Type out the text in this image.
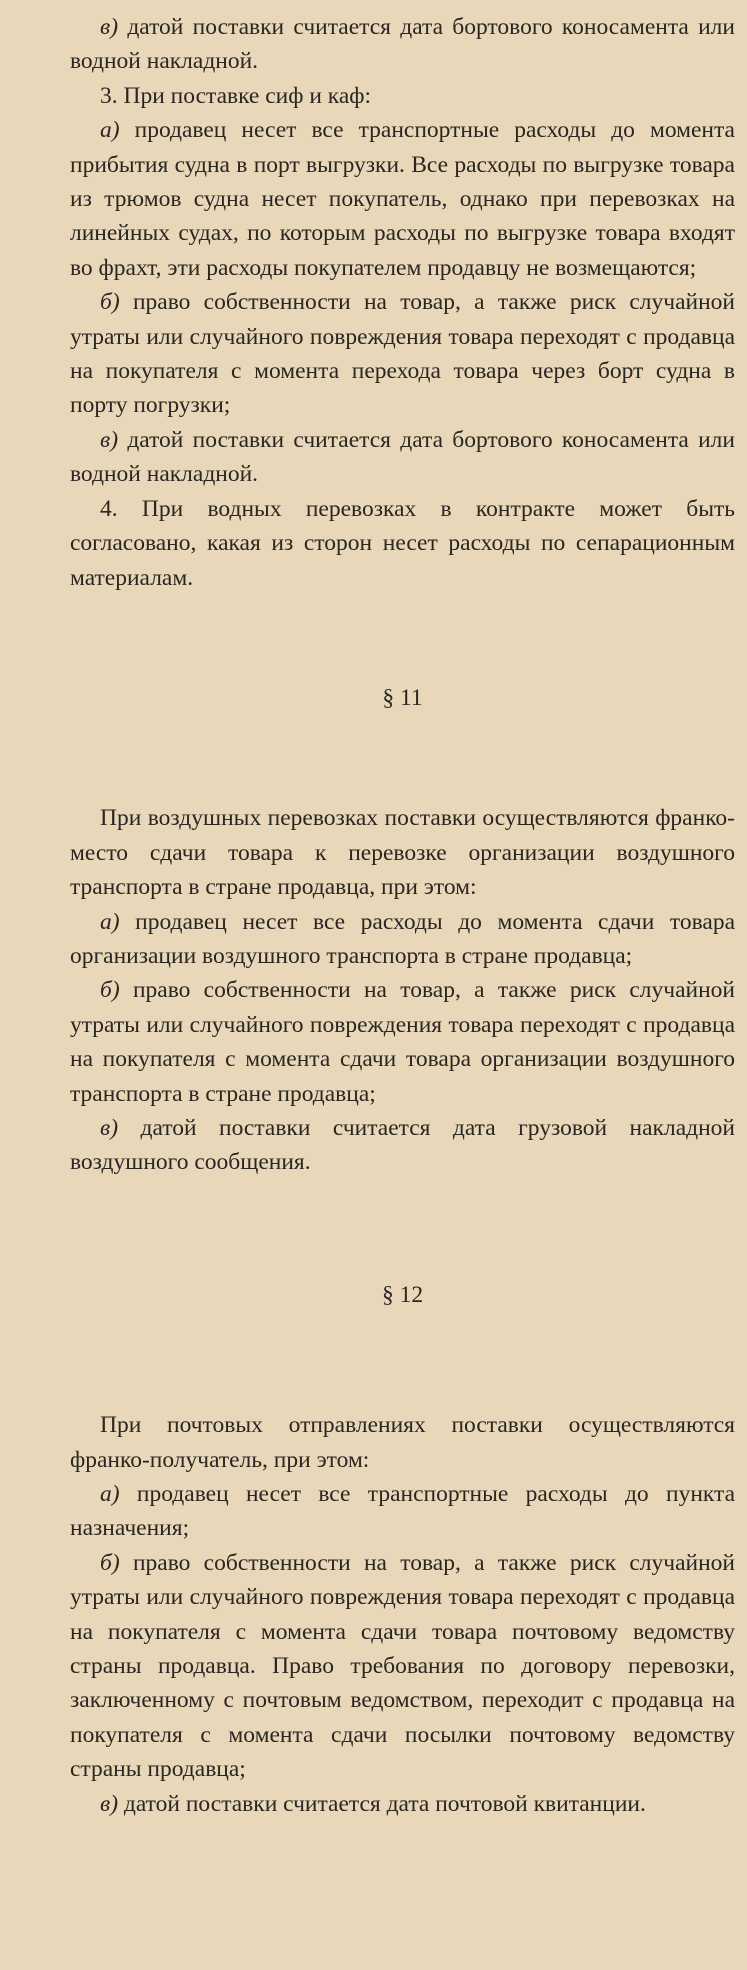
в) датой поставки считается дата бортового коносамента или водной накладной.

3. При поставке сиф и каф:

а) продавец несет все транспортные расходы до момента прибытия судна в порт выгрузки. Все расходы по выгрузке товара из трюмов судна несет покупатель, однако при перевозках на линейных судах, по которым расходы по выгрузке товара входят во фрахт, эти расходы покупателем продавцу не возмещаются;

б) право собственности на товар, а также риск случайной утраты или случайного повреждения товара переходят с продавца на покупателя с момента перехода товара через борт судна в порту погрузки;

в) датой поставки считается дата бортового коносамента или водной накладной.

4. При водных перевозках в контракте может быть согласовано, какая из сторон несет расходы по сепарационным материалам.

§ 11

При воздушных перевозках поставки осуществляются франко-место сдачи товара к перевозке организации воздушного транспорта в стране продавца, при этом:

а) продавец несет все расходы до момента сдачи товара организации воздушного транспорта в стране продавца;

б) право собственности на товар, а также риск случайной утраты или случайного повреждения товара переходят с продавца на покупателя с момента сдачи товара организации воздушного транспорта в стране продавца;

в) датой поставки считается дата грузовой накладной воздушного сообщения.

§ 12

При почтовых отправлениях поставки осуществляются франко-получатель, при этом:

а) продавец несет все транспортные расходы до пункта назначения;

б) право собственности на товар, а также риск случайной утраты или случайного повреждения товара переходят с продавца на покупателя с момента сдачи товара почтовому ведомству страны продавца. Право требования по договору перевозки, заключенному с почтовым ведомством, переходит с продавца на покупателя с момента сдачи посылки почтовому ведомству страны продавца;

в) датой поставки считается дата почтовой квитанции.
